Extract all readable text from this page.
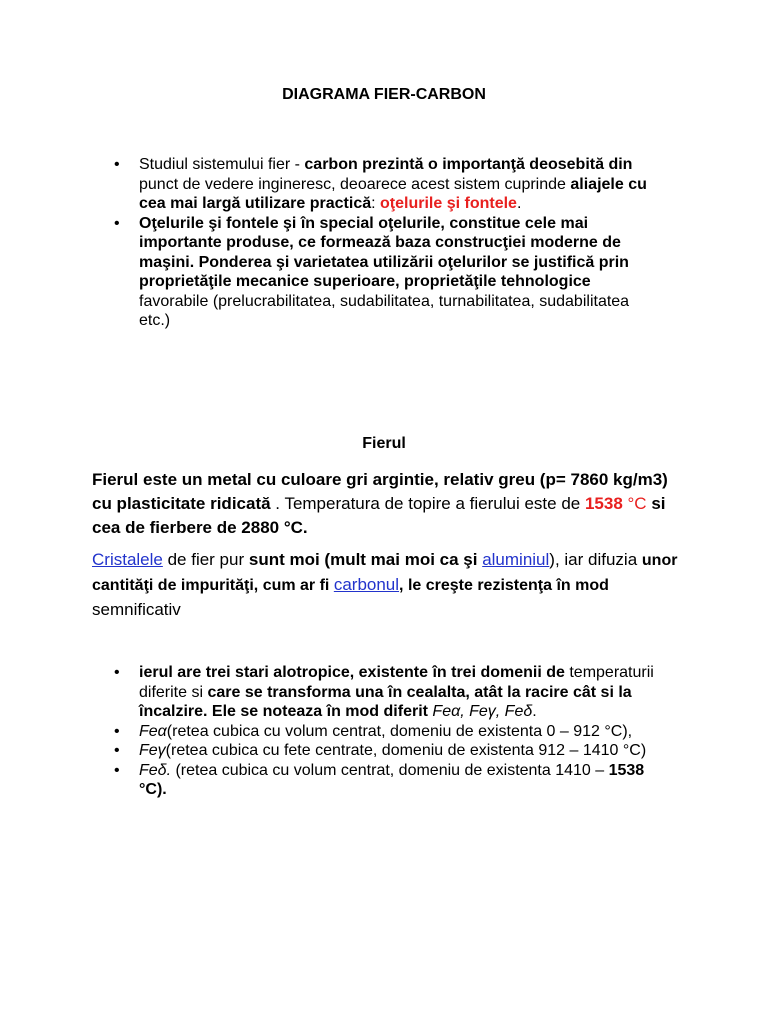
DIAGRAMA FIER-CARBON
• Studiul sistemului fier - carbon prezintă o importanţă deosebită din punct de vedere ingineresc, deoarece acest sistem cuprinde aliajele cu cea mai largă utilizare practică: oţelurile şi fontele.
• Oţelurile şi fontele şi în special oţelurile, constitue cele mai importante produse, ce formează baza construcţiei moderne de maşini. Ponderea şi varietatea utilizării oţelurilor se justifică prin proprietăţile mecanice superioare, proprietăţile tehnologice favorabile (prelucrabilitatea, sudabilitatea, turnabilitatea, sudabilitatea etc.)
Fierul
Fierul este un metal cu culoare gri argintie, relativ greu (p= 7860 kg/m3) cu plasticitate ridicată . Temperatura de topire a fierului este de 1538 °C si cea de fierbere de 2880 °C.
Cristalele de fier pur sunt moi (mult mai moi ca şi aluminiul), iar difuzia unor cantităţi de impurităţi, cum ar fi carbonul, le creşte rezistenţa în mod semnificativ
• ierul are trei stari alotropice, existente în trei domenii de temperaturii diferite si care se transforma una în cealalta, atât la racire cât si la încalzire. Ele se noteaza în mod diferit Feα, Feγ, Feδ.
• Feα(retea cubica cu volum centrat, domeniu de existenta 0 – 912 °C),
• Feγ(retea cubica cu fete centrate, domeniu de existenta 912 – 1410 °C)
• Feδ. (retea cubica cu volum centrat, domeniu de existenta 1410 – 1538 °C).
